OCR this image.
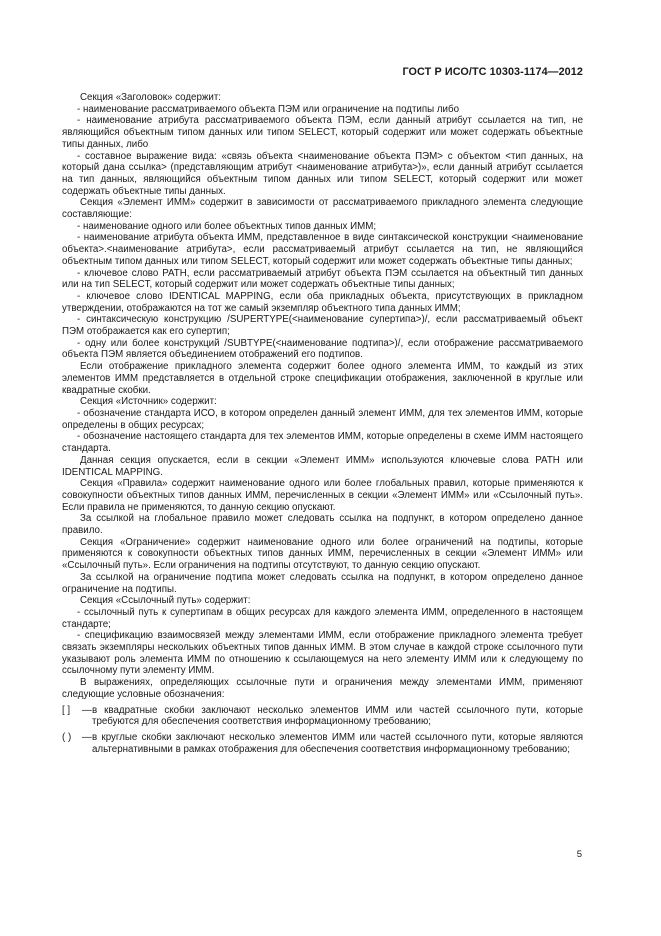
ГОСТ Р ИСО/ТС 10303-1174—2012

Секция «Заголовок» содержит:

- наименование рассматриваемого объекта ПЭМ или ограничение на подтипы либо

- наименование атрибута рассматриваемого объекта ПЭМ, если данный атрибут ссылается на тип, не являющийся объектным типом данных или типом SELECT, который содержит или может содержать объектные типы данных, либо

- составное выражение вида: «связь объекта <наименование объекта ПЭМ> с объектом <тип данных, на который дана ссылка> (представляющим атрибут <наименование атрибута>)», если данный атрибут ссылается на тип данных, являющийся объектным типом данных или типом SELECT, который содержит или может содержать объектные типы данных.

Секция «Элемент ИММ» содержит в зависимости от рассматриваемого прикладного элемента следующие составляющие:

- наименование одного или более объектных типов данных ИММ;

- наименование атрибута объекта ИММ, представленное в виде синтаксической конструкции <наименование объекта>.<наименование атрибута>, если рассматриваемый атрибут ссылается на тип, не являющийся объектным типом данных или типом SELECT, который содержит или может содержать объектные типы данных;

- ключевое слово PATH, если рассматриваемый атрибут объекта ПЭМ ссылается на объектный тип данных или на тип SELECT, который содержит или может содержать объектные типы данных;

- ключевое слово IDENTICAL MAPPING, если оба прикладных объекта, присутствующих в прикладном утверждении, отображаются на тот же самый экземпляр объектного типа данных ИММ;

- синтаксическую конструкцию /SUPERTYPE(<наименование супертипа>)/, если рассматриваемый объект ПЭМ отображается как его супертип;

- одну или более конструкций /SUBTYPE(<наименование подтипа>)/, если отображение рассматриваемого объекта ПЭМ является объединением отображений его подтипов.

Если отображение прикладного элемента содержит более одного элемента ИММ, то каждый из этих элементов ИММ представляется в отдельной строке спецификации отображения, заключенной в круглые или квадратные скобки.

Секция «Источник» содержит:

- обозначение стандарта ИСО, в котором определен данный элемент ИММ, для тех элементов ИММ, которые определены в общих ресурсах;

- обозначение настоящего стандарта для тех элементов ИММ, которые определены в схеме ИММ настоящего стандарта.

Данная секция опускается, если в секции «Элемент ИММ» используются ключевые слова PATH или IDENTICAL MAPPING.

Секция «Правила» содержит наименование одного или более глобальных правил, которые применяются к совокупности объектных типов данных ИММ, перечисленных в секции «Элемент ИММ» или «Ссылочный путь». Если правила не применяются, то данную секцию опускают.

За ссылкой на глобальное правило может следовать ссылка на подпункт, в котором определено данное правило.

Секция «Ограничение» содержит наименование одного или более ограничений на подтипы, которые применяются к совокупности объектных типов данных ИММ, перечисленных в секции «Элемент ИММ» или «Ссылочный путь». Если ограничения на подтипы отсутствуют, то данную секцию опускают.

За ссылкой на ограничение подтипа может следовать ссылка на подпункт, в котором определено данное ограничение на подтипы.

Секция «Ссылочный путь» содержит:

- ссылочный путь к супертипам в общих ресурсах для каждого элемента ИММ, определенного в настоящем стандарте;

- спецификацию взаимосвязей между элементами ИММ, если отображение прикладного элемента требует связать экземпляры нескольких объектных типов данных ИММ. В этом случае в каждой строке ссылочного пути указывают роль элемента ИММ по отношению к ссылающемуся на него элементу ИММ или к следующему по ссылочному пути элементу ИММ.

В выражениях, определяющих ссылочные пути и ограничения между элементами ИММ, применяют следующие условные обозначения:

[ ]	— в квадратные скобки заключают несколько элементов ИММ или частей ссылочного пути, которые требуются для обеспечения соответствия информационному требованию;
( )	— в круглые скобки заключают несколько элементов ИММ или частей ссылочного пути, которые являются альтернативными в рамках отображения для обеспечения соответствия информационному требованию;
5
